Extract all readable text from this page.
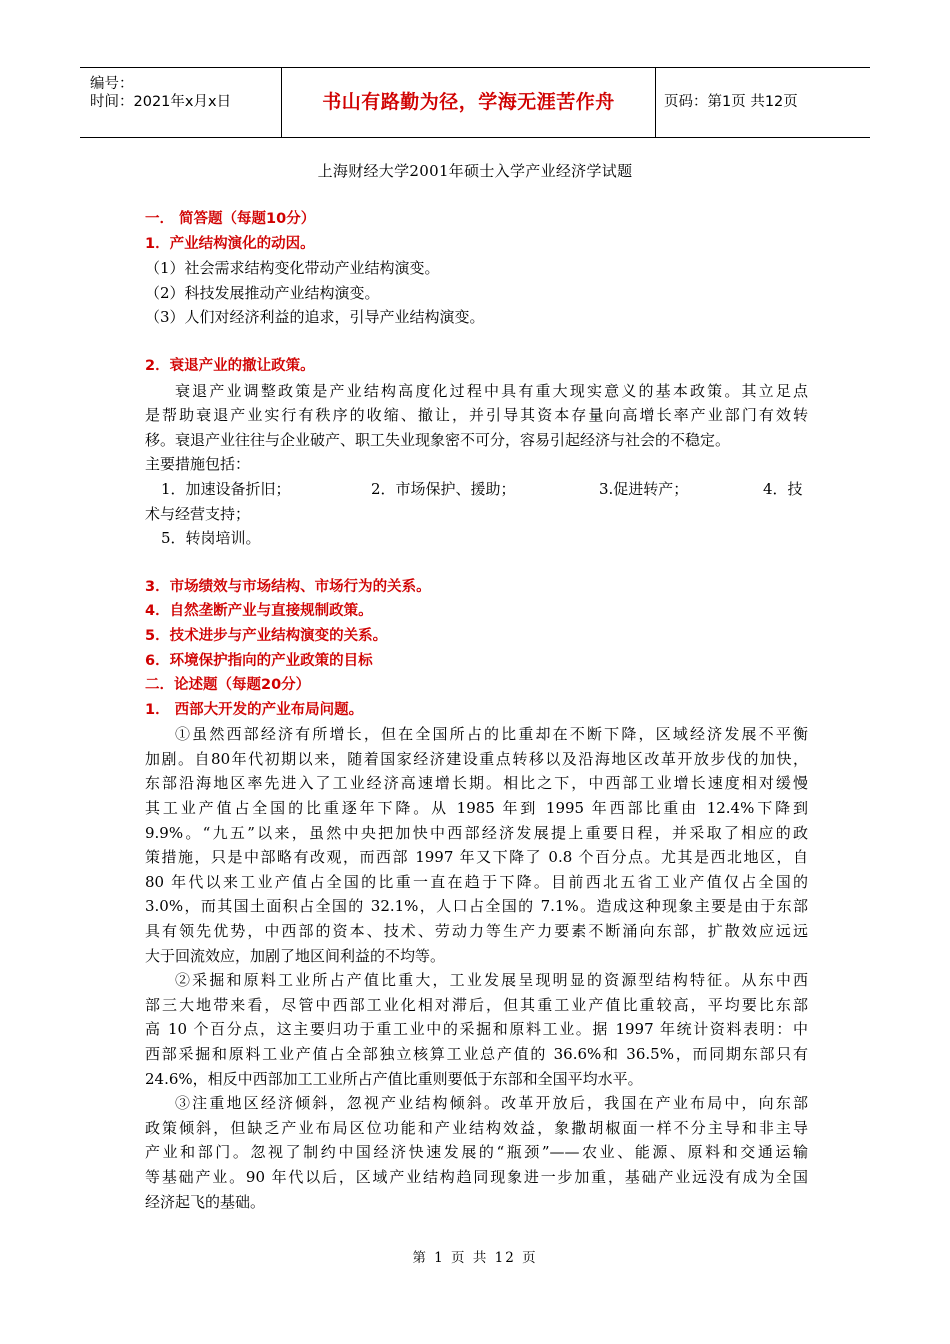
编号：
时间：2021年x月x日	书山有路勤为径，学海无涯苦作舟	页码：第1页 共12页
上海财经大学2001年硕士入学产业经济学试题
一． 简答题（每题10分）
1．产业结构演化的动因。
（1）社会需求结构变化带动产业结构演变。
（2）科技发展推动产业结构演变。
（3）人们对经济利益的追求，引导产业结构演变。
2．衰退产业的撤让政策。
衰退产业调整政策是产业结构高度化过程中具有重大现实意义的基本政策。其立足点
是帮助衰退产业实行有秩序的收缩、撤让，并引导其资本存量向高增长率产业部门有效转
移。衰退产业往往与企业破产、职工失业现象密不可分，容易引起经济与社会的不稳定。
主要措施包括：
1．加速设备折旧；	2．市场保护、援助；	3.促进转产；	4．技
术与经营支持；
5．转岗培训。
3．市场绩效与市场结构、市场行为的关系。
4．自然垄断产业与直接规制政策。
5．技术进步与产业结构演变的关系。
6．环境保护指向的产业政策的目标
二．论述题（每题20分）
1． 西部大开发的产业布局问题。
①虽然西部经济有所增长，但在全国所占的比重却在不断下降，区域经济发展不平衡
加剧。自80年代初期以来，随着国家经济建设重点转移以及沿海地区改革开放步伐的加快，
东部沿海地区率先进入了工业经济高速增长期。相比之下，中西部工业增长速度相对缓慢
其工业产值占全国的比重逐年下降。从 1985 年到 1995 年西部比重由 12.4%下降到
9.9%。“九五”以来，虽然中央把加快中西部经济发展提上重要日程，并采取了相应的政
策措施，只是中部略有改观，而西部 1997 年又下降了 0.8 个百分点。尤其是西北地区，自
80 年代以来工业产值占全国的比重一直在趋于下降。目前西北五省工业产值仅占全国的
3.0%，而其国土面积占全国的 32.1%，人口占全国的 7.1%。造成这种现象主要是由于东部
具有领先优势，中西部的资本、技术、劳动力等生产力要素不断涌向东部，扩散效应远远
大于回流效应，加剧了地区间利益的不均等。
②采掘和原料工业所占产值比重大，工业发展呈现明显的资源型结构特征。从东中西
部三大地带来看，尽管中西部工业化相对滞后，但其重工业产值比重较高，平均要比东部
高 10 个百分点，这主要归功于重工业中的采掘和原料工业。据 1997 年统计资料表明：中
西部采掘和原料工业产值占全部独立核算工业总产值的 36.6%和 36.5%，而同期东部只有
24.6%，相反中西部加工工业所占产值比重则要低于东部和全国平均水平。
③注重地区经济倾斜，忽视产业结构倾斜。改革开放后，我国在产业布局中，向东部
政策倾斜，但缺乏产业布局区位功能和产业结构效益，象撒胡椒面一样不分主导和非主导
产业和部门。忽视了制约中国经济快速发展的“瓶颈”——农业、能源、原料和交通运输
等基础产业。90 年代以后，区域产业结构趋同现象进一步加重，基础产业远没有成为全国
经济起飞的基础。
第 1 页 共 12 页
